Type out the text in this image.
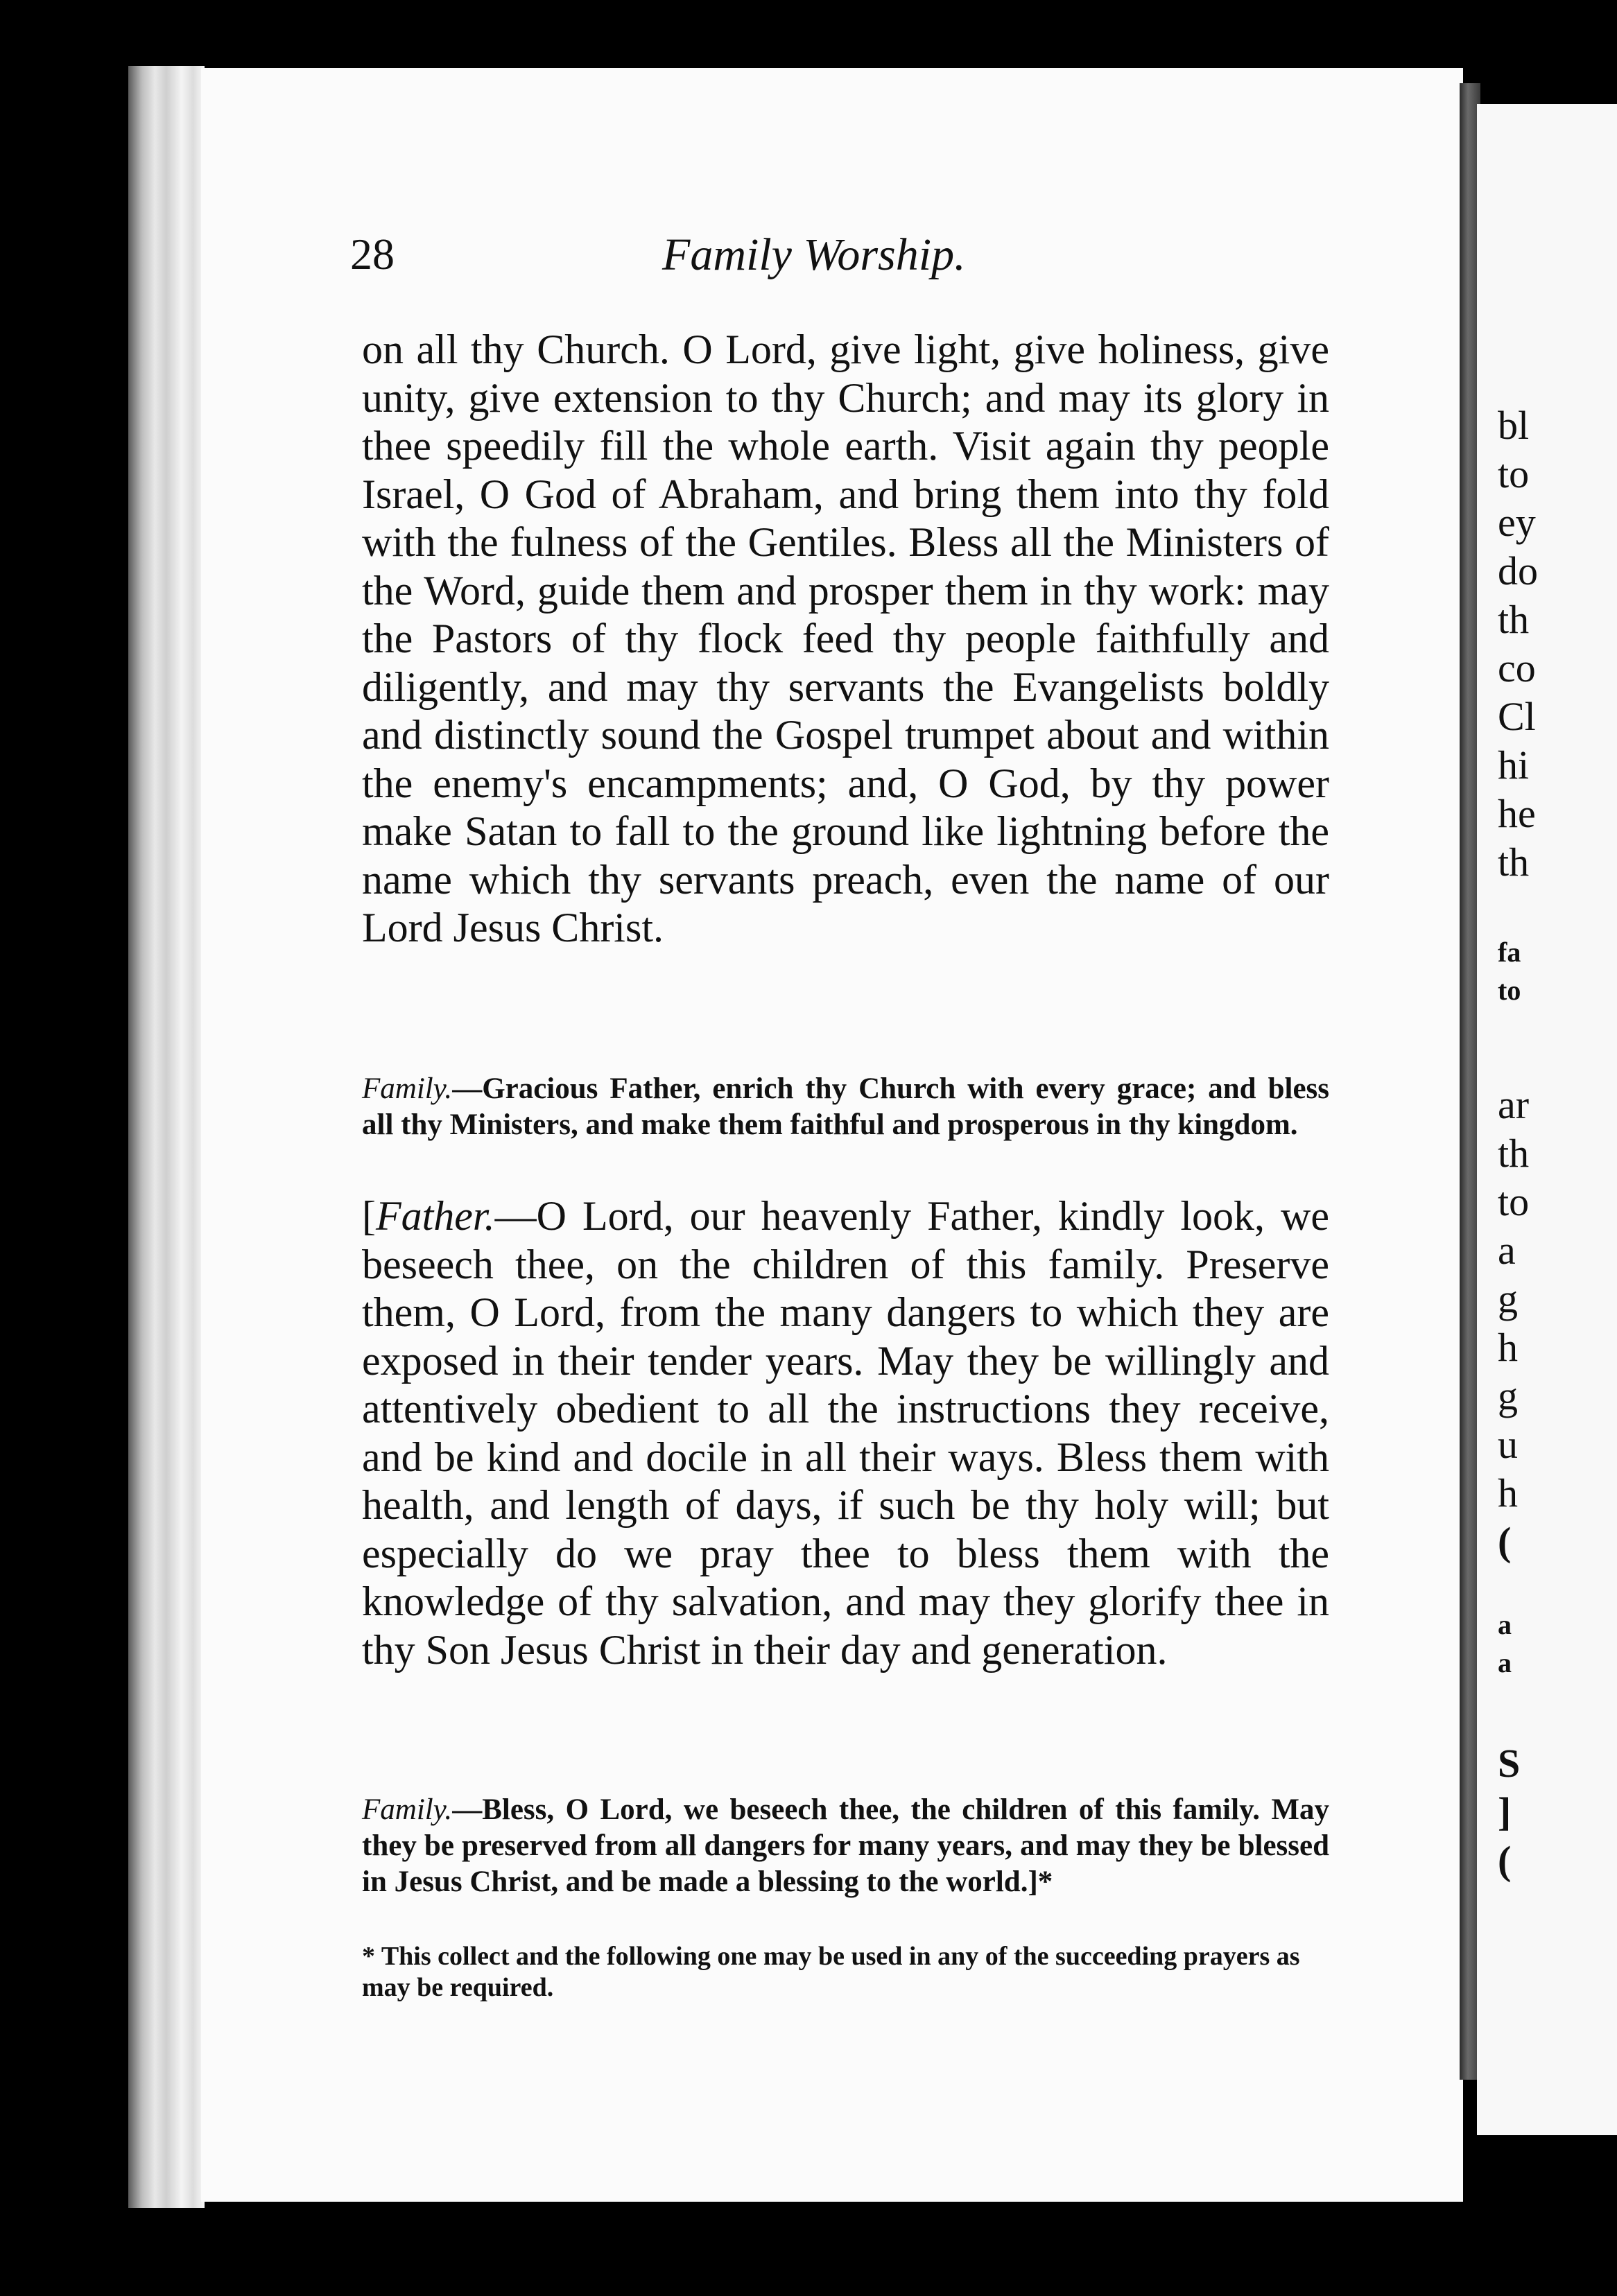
bl
to
ey
do
th
co
Cl
hi
he
th
fa
to
ar
th
to
a
g
h
g
u
h
(
a
a
S
]
(
28	Family Worship.
on all thy Church. O Lord, give light, give holiness, give unity, give extension to thy Church; and may its glory in thee speedily fill the whole earth. Visit again thy people Israel, O God of Abraham, and bring them into thy fold with the fulness of the Gentiles. Bless all the Ministers of the Word, guide them and prosper them in thy work: may the Pastors of thy flock feed thy people faithfully and diligently, and may thy servants the Evangelists boldly and distinctly sound the Gospel trumpet about and within the enemy's encampments; and, O God, by thy power make Satan to fall to the ground like lightning before the name which thy servants preach, even the name of our Lord Jesus Christ.
Family.—Gracious Father, enrich thy Church with every grace; and bless all thy Ministers, and make them faithful and prosperous in thy kingdom.
[Father.—O Lord, our heavenly Father, kindly look, we beseech thee, on the children of this family. Preserve them, O Lord, from the many dangers to which they are exposed in their tender years. May they be willingly and attentively obedient to all the instructions they receive, and be kind and docile in all their ways. Bless them with health, and length of days, if such be thy holy will; but especially do we pray thee to bless them with the knowledge of thy salvation, and may they glorify thee in thy Son Jesus Christ in their day and generation.
Family.—Bless, O Lord, we beseech thee, the children of this family. May they be preserved from all dangers for many years, and may they be blessed in Jesus Christ, and be made a blessing to the world.]*
* This collect and the following one may be used in any of the succeeding prayers as may be required.
